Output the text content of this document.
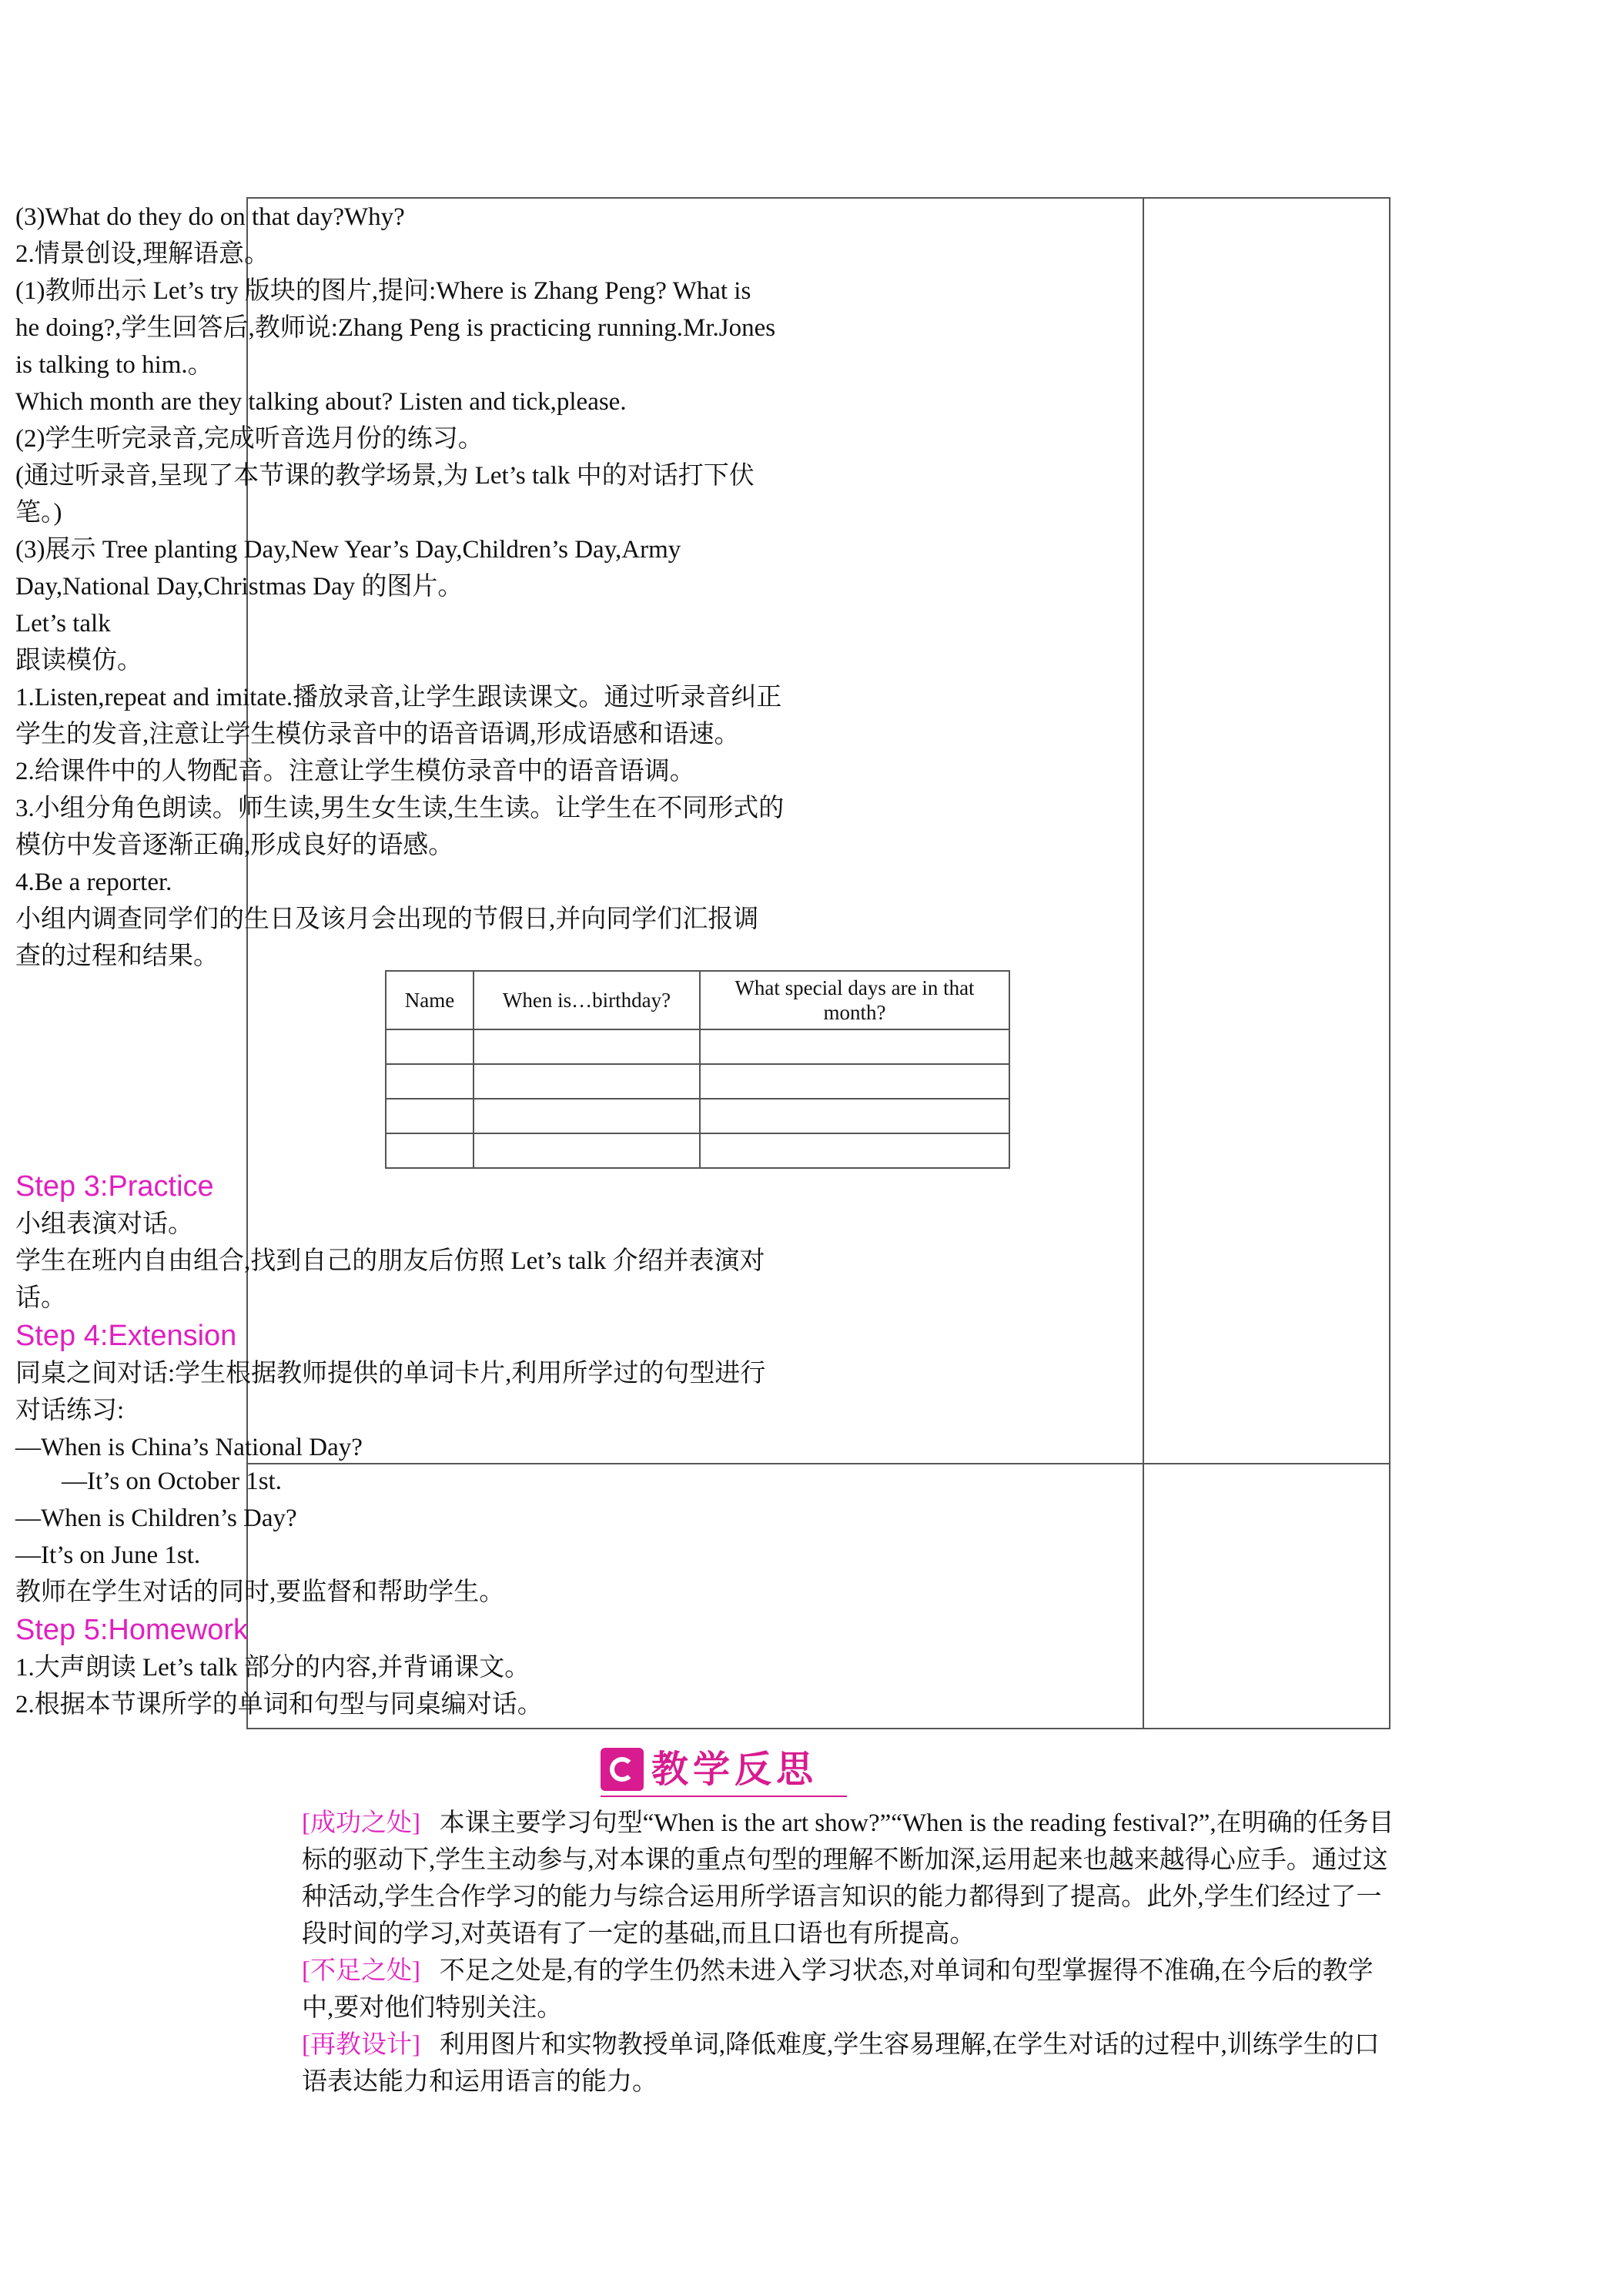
(3)What do they do on that day?Why?

2.情景创设,理解语意。

(1)教师出示 Let’s try 版块的图片,提问:Where is Zhang Peng? What is

he doing?,学生回答后,教师说:Zhang Peng is practicing running.Mr.Jones

is talking to him.。

Which month are they talking about? Listen and tick,please.

(2)学生听完录音,完成听音选月份的练习。

(通过听录音,呈现了本节课的教学场景,为 Let’s talk 中的对话打下伏

笔。)

(3)展示 Tree planting Day,New Year’s Day,Children’s Day,Army

Day,National Day,Christmas Day 的图片。

Let’s talk

跟读模仿。

1.Listen,repeat and imitate.播放录音,让学生跟读课文。通过听录音纠正

学生的发音,注意让学生模仿录音中的语音语调,形成语感和语速。

2.给课件中的人物配音。注意让学生模仿录音中的语音语调。

3.小组分角色朗读。师生读,男生女生读,生生读。让学生在不同形式的

模仿中发音逐渐正确,形成良好的语感。

4.Be a reporter.

小组内调查同学们的生日及该月会出现的节假日,并向同学们汇报调

查的过程和结果。

Name	When is…birthday?	What special days are in that month?

Step 3:Practice

小组表演对话。

学生在班内自由组合,找到自己的朋友后仿照 Let’s talk 介绍并表演对

话。

Step 4:Extension

同桌之间对话:学生根据教师提供的单词卡片,利用所学过的句型进行

对话练习:

—When is China’s National Day?

—It’s on October 1st.

—When is Children’s Day?

—It’s on June 1st.

教师在学生对话的同时,要监督和帮助学生。

Step 5:Homework

1.大声朗读 Let’s talk 部分的内容,并背诵课文。

2.根据本节课所学的单词和句型与同桌编对话。

教学反思

[成功之处] 本课主要学习句型“When is the art show?”“When is the reading festival?”,在明确的任务目标的驱动下,学生主动参与,对本课的重点句型的理解不断加深,运用起来也越来越得心应手。通过这种活动,学生合作学习的能力与综合运用所学语言知识的能力都得到了提高。此外,学生们经过了一段时间的学习,对英语有了一定的基础,而且口语也有所提高。

[不足之处] 不足之处是,有的学生仍然未进入学习状态,对单词和句型掌握得不准确,在今后的教学中,要对他们特别关注。

[再教设计] 利用图片和实物教授单词,降低难度,学生容易理解,在学生对话的过程中,训练学生的口语表达能力和运用语言的能力。
